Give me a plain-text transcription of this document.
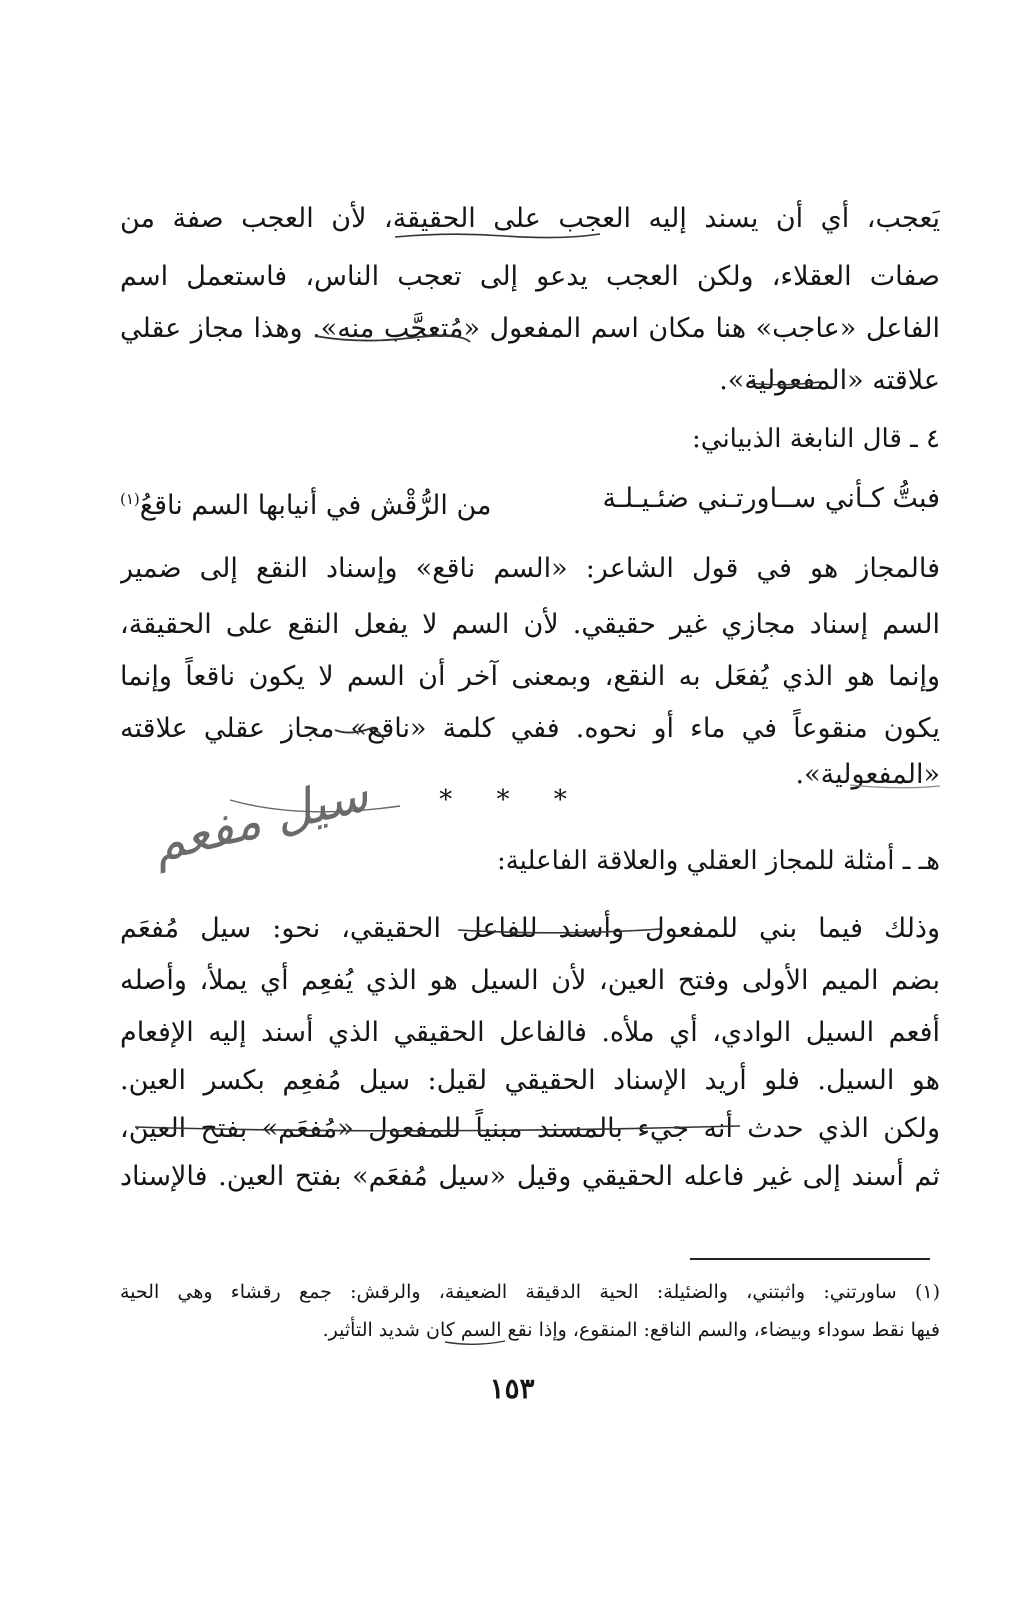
يَعجب، أي أن يسند إليه العجب على الحقيقة، لأن العجب صفة من
صفات العقلاء، ولكن العجب يدعو إلى تعجب الناس، فاستعمل اسم
الفاعل «عاجب» هنا مكان اسم المفعول «مُتعجَّب منه». وهذا مجاز عقلي
علاقته «المفعولية».
٤ ـ قال النابغة الذبياني:
فبتُّ كـأني ســاورتـني ضئـيـلـة
من الرُّقْش في أنيابها السم ناقعُ$^{(١)}$
فالمجاز هو في قول الشاعر: «السم ناقع» وإسناد النقع إلى ضمير
السم إسناد مجازي غير حقيقي. لأن السم لا يفعل النقع على الحقيقة،
وإنما هو الذي يُفعَل به النقع، وبمعنى آخر أن السم لا يكون ناقعاً وإنما
يكون منقوعاً في ماء أو نحوه. ففي كلمة «ناقع» مجاز عقلي علاقته
«المفعولية».
* * *
سيل مفعم	هـ ـ أمثلة للمجاز العقلي والعلاقة الفاعلية:
وذلك فيما بني للمفعول وأسند للفاعل الحقيقي، نحو: سيل مُفعَم
بضم الميم الأولى وفتح العين، لأن السيل هو الذي يُفعِم أي يملأ، وأصله
أفعم السيل الوادي، أي ملأه. فالفاعل الحقيقي الذي أسند إليه الإفعام
هو السيل. فلو أريد الإسناد الحقيقي لقيل: سيل مُفعِم بكسر العين.
ولكن الذي حدث أنه جيء بالمسند مبنياً للمفعول «مُفعَم» بفتح العين،
ثم أسند إلى غير فاعله الحقيقي وقيل «سيل مُفعَم» بفتح العين. فالإسناد
(١) ساورتني: واثبتني، والضئيلة: الحية الدقيقة الضعيفة، والرقش: جمع رقشاء وهي الحية
فيها نقط سوداء وبيضاء، والسم الناقع: المنقوع، وإذا نقع السم كان شديد التأثير.
١٥٣
